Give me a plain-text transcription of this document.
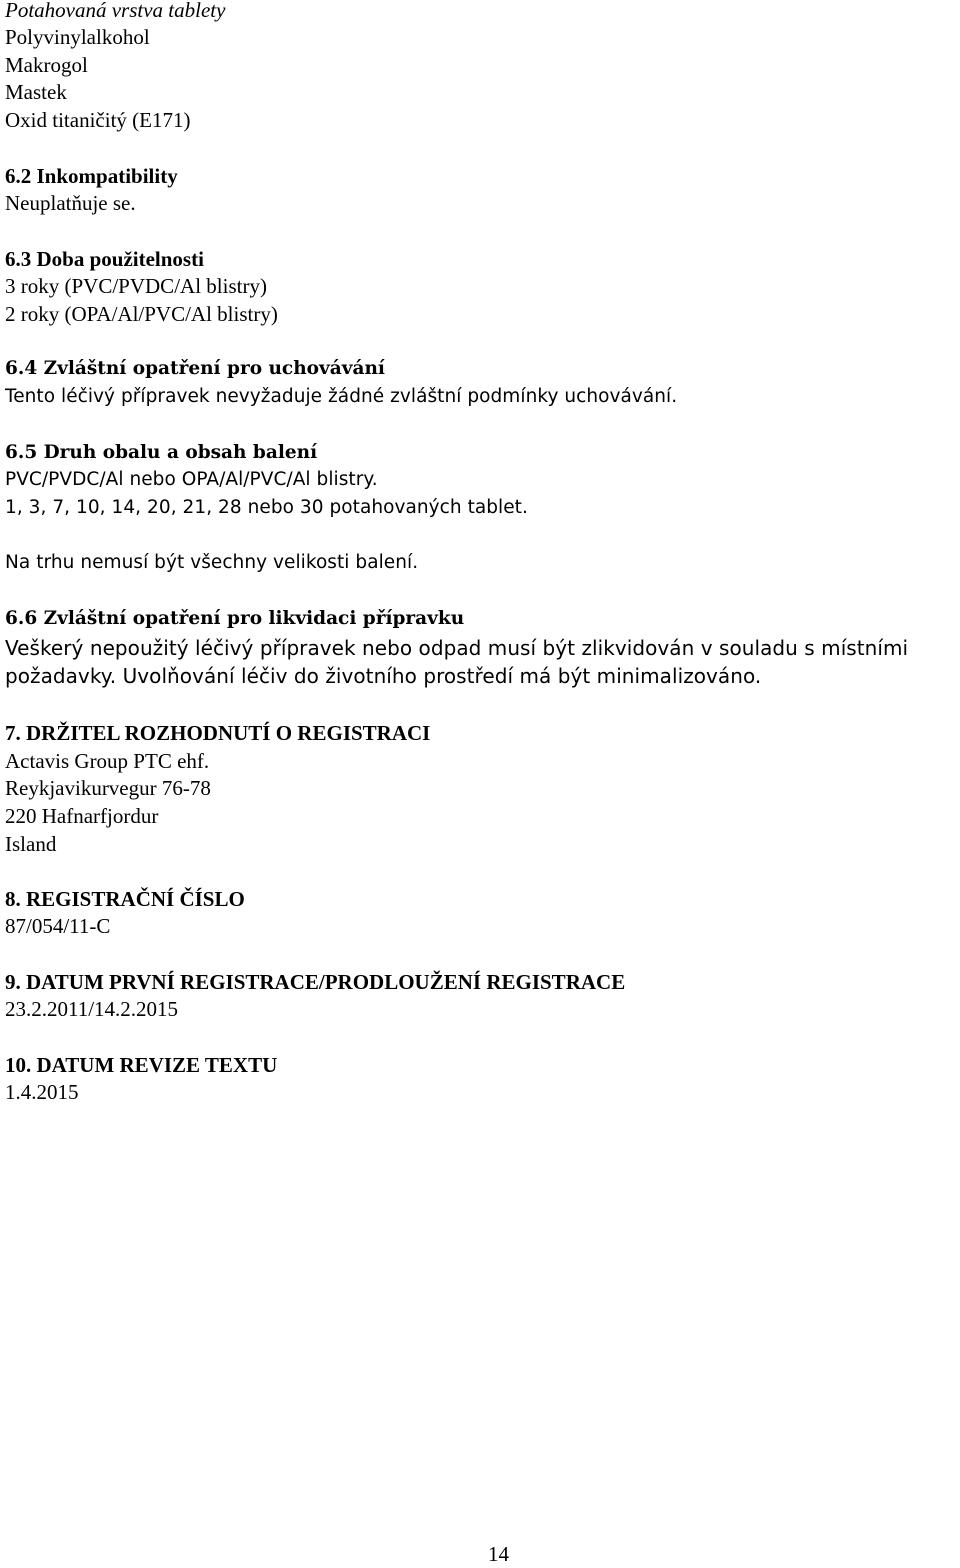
Potahovaná vrstva tablety
Polyvinylalkohol
Makrogol
Mastek
Oxid titaničitý (E171)
6.2 Inkompatibility
Neuplatňuje se.
6.3 Doba použitelnosti
3 roky (PVC/PVDC/Al blistry)
2 roky (OPA/Al/PVC/Al blistry)
6.4 Zvláštní opatření pro uchovávání
Tento léčivý přípravek nevyžaduje žádné zvláštní podmínky uchovávání.
6.5 Druh obalu a obsah balení
PVC/PVDC/Al nebo OPA/Al/PVC/Al blistry.
1, 3, 7, 10, 14, 20, 21, 28 nebo 30 potahovaných tablet.
Na trhu nemusí být všechny velikosti balení.
6.6 Zvláštní opatření pro likvidaci přípravku
Veškerý nepoužitý léčivý přípravek nebo odpad musí být zlikvidován v souladu s místními
požadavky. Uvolňování léčiv do životního prostředí má být minimalizováno.
7. DRŽITEL ROZHODNUTÍ O REGISTRACI
Actavis Group PTC ehf.
Reykjavikurvegur 76-78
220 Hafnarfjordur
Island
8. REGISTRAČNÍ ČÍSLO
87/054/11-C
9. DATUM PRVNÍ REGISTRACE/PRODLOUŽENÍ REGISTRACE
23.2.2011/14.2.2015
10. DATUM REVIZE TEXTU
1.4.2015
14
